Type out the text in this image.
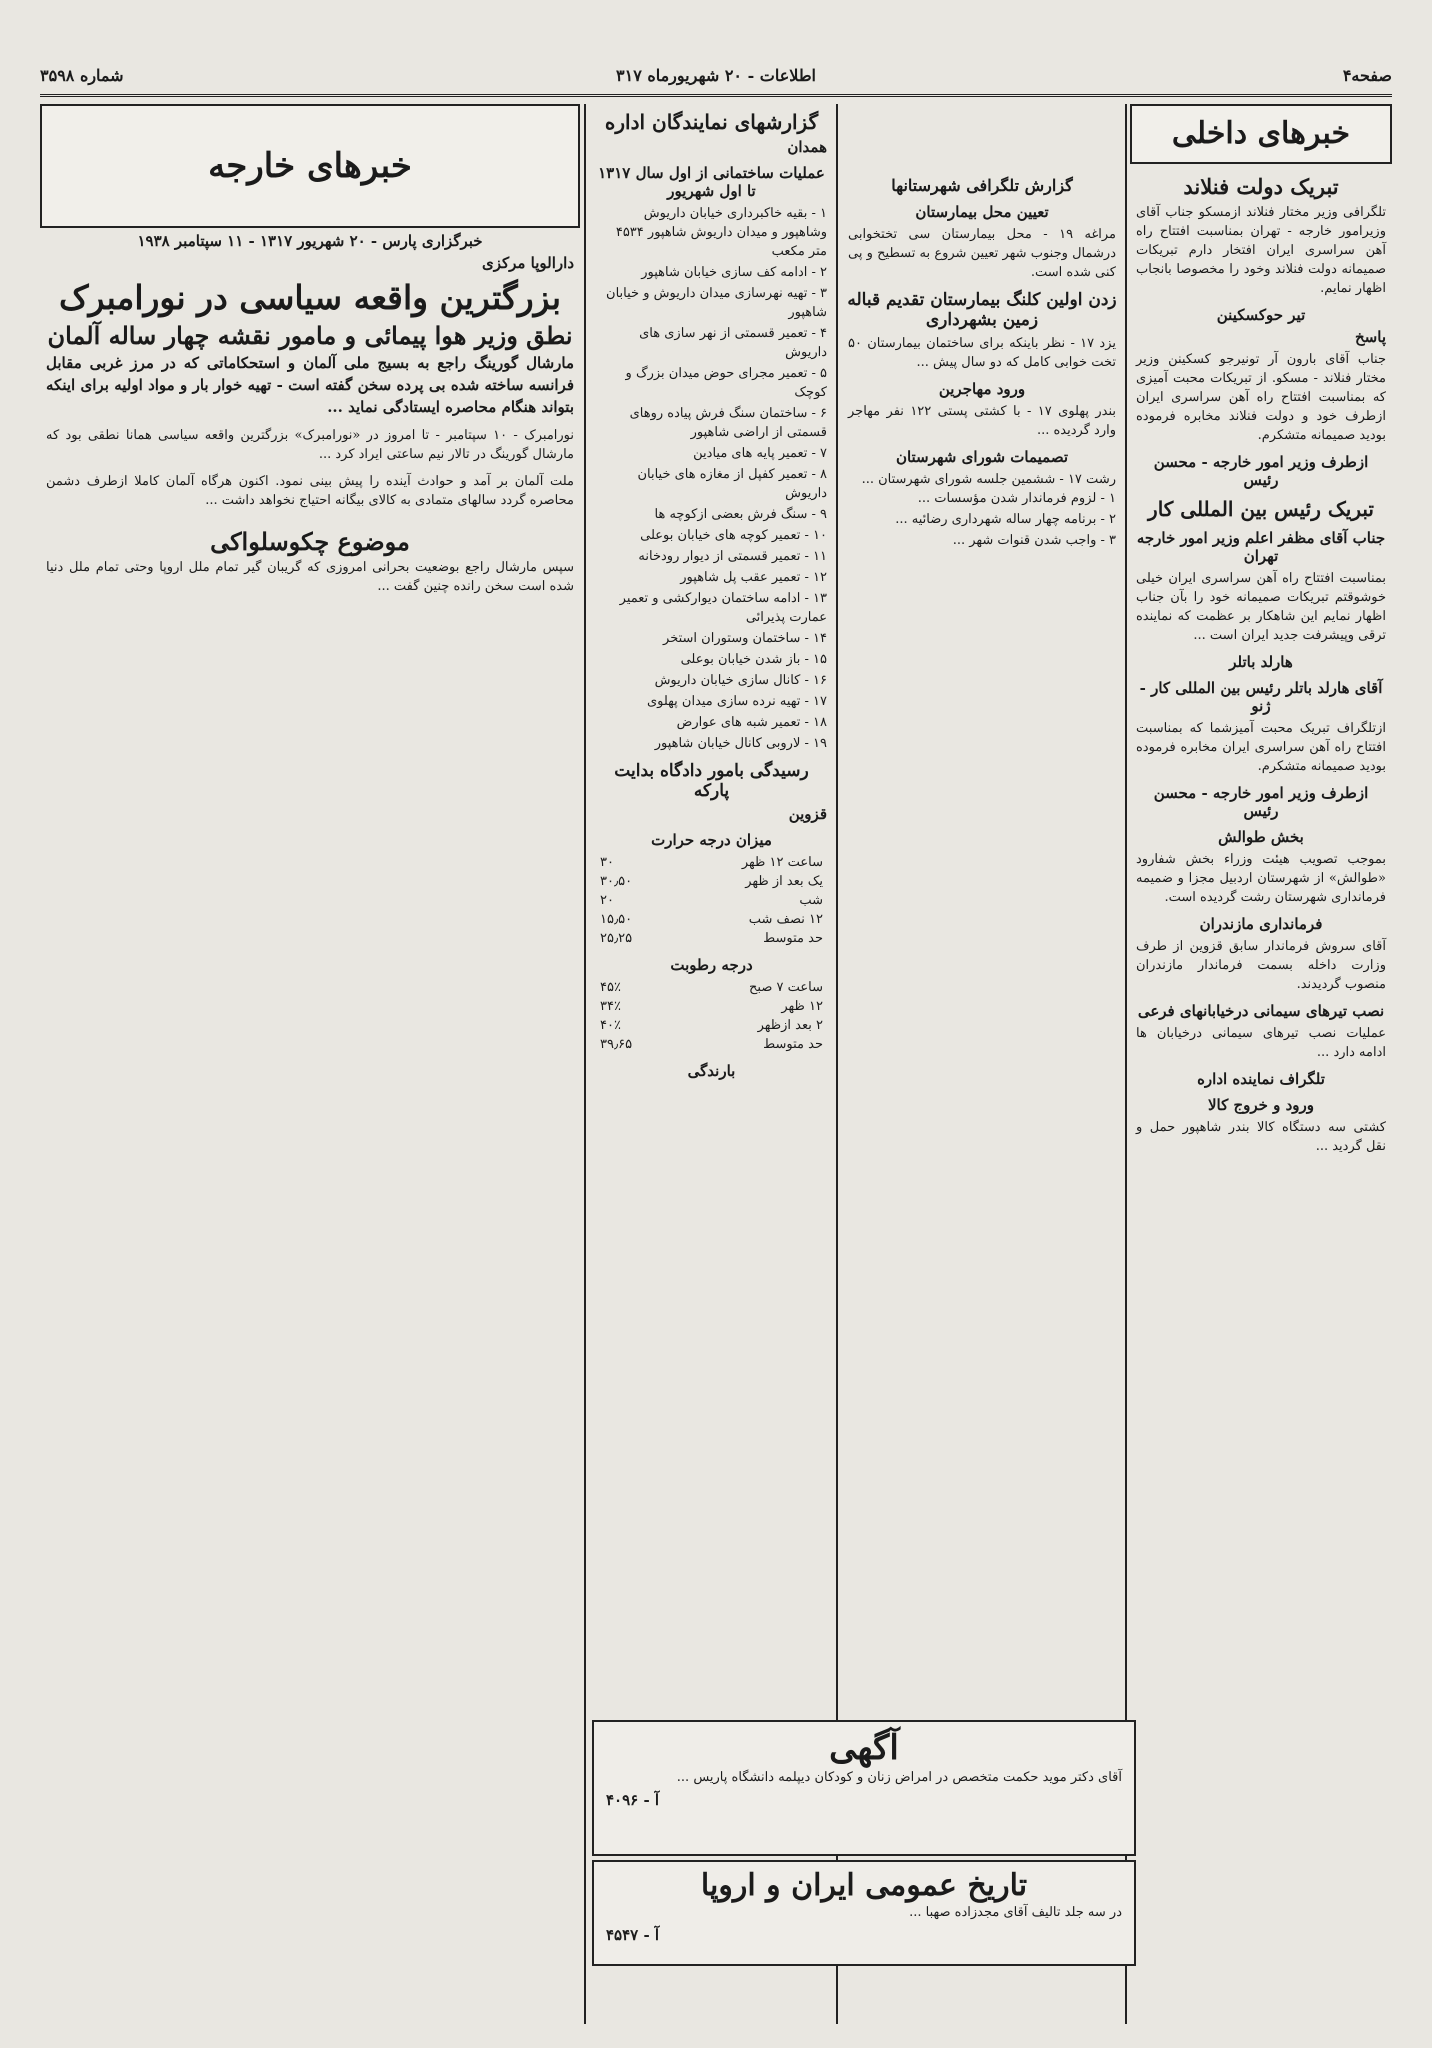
صفحه۴
اطلاعات - ۲۰ شهریورماه ۳۱۷
شماره ۳۵۹۸
خبرهای داخلی
تبریک دولت فنلاند
تلگرافی وزیر مختار فنلاند ازمسکو جناب آقای وزیرامور خارجه - تهران بمناسبت افتتاح راه آهن سراسری ایران افتخار دارم تبریکات صمیمانه دولت فنلاند وخود را مخصوصا بانجاب اظهار نمایم.
تیر حوکسکینن
پاسخ
جناب آقای بارون آر تونیرجو کسکینن وزیر مختار فنلاند - مسکو. از تبریکات محبت آمیزی که بمناسبت افتتاح راه آهن سراسری ایران ازطرف خود و دولت فنلاند مخابره فرموده بودید صمیمانه متشکرم.
ازطرف وزیر امور خارجه - محسن رئیس
تبریک رئیس بین المللی کار
جناب آقای مظفر اعلم وزیر امور خارجه تهران
بمناسبت افتتاح راه آهن سراسری ایران خیلی خوشوقتم تبریکات صمیمانه خود را بآن جناب اظهار نمایم این شاهکار بر عظمت که نماینده ترقی وپیشرفت جدید ایران است ...
هارلد باتلر
آقای هارلد باتلر رئیس بین المللی کار - ژنو
ازتلگراف تبریک محبت آمیزشما که بمناسبت افتتاح راه آهن سراسری ایران مخابره فرموده بودید صمیمانه متشکرم.
ازطرف وزیر امور خارجه - محسن رئیس
بخش طوالش
بموجب تصویب هیئت وزراء بخش شفارود «طوالش» از شهرستان اردبیل مجزا و ضمیمه فرمانداری شهرستان رشت گردیده است.
فرمانداری مازندران
آقای سروش فرماندار سابق قزوین از طرف وزارت داخله بسمت فرماندار مازندران منصوب گردیدند.
نصب تیرهای سیمانی درخیابانهای فرعی
عملیات نصب تیرهای سیمانی درخیابان ها ادامه دارد ...
تلگراف نماینده اداره
ورود و خروج کالا
کشتی سه دستگاه کالا بندر شاهپور حمل و نقل گردید ...
گزارش تلگرافی شهرستانها
تعیین محل بیمارستان
مراغه ۱۹ - محل بیمارستان سی تختخوابی درشمال وجنوب شهر تعیین شروع به تسطیح و پی کنی شده است.
زدن اولین کلنگ بیمارستان تقدیم قباله زمین بشهرداری
یزد ۱۷ - نظر باینکه برای ساختمان بیمارستان ۵۰ تخت خوابی کامل که دو سال پیش ...
ورود مهاجرین
بندر پهلوی ۱۷ - با کشتی پستی ۱۲۲ نفر مهاجر وارد گردیده ...
تصمیمات شورای شهرستان
رشت ۱۷ - ششمین جلسه شورای شهرستان ...
۱ - لزوم فرماندار شدن مؤسسات ...
۲ - برنامه چهار ساله شهرداری رضائیه ...
۳ - واجب شدن قنوات شهر ...
گزارشهای نمایندگان اداره
همدان
عملیات ساختمانی از اول سال ۱۳۱۷ تا اول شهریور
۱ - بقیه خاکبرداری خیابان داریوش وشاهپور و میدان داریوش شاهپور ۴۵۳۴ متر مکعب
۲ - ادامه کف سازی خیابان شاهپور
۳ - تهیه نهرسازی میدان داریوش و خیابان شاهپور
۴ - تعمیر قسمتی از نهر سازی های داریوش
۵ - تعمیر مجرای حوض میدان بزرگ و کوچک
۶ - ساختمان سنگ فرش پیاده روهای قسمتی از اراضی شاهپور
۷ - تعمیر پایه های میادین
۸ - تعمیر کفپل از مغازه های خیابان داریوش
۹ - سنگ فرش بعضی ازکوچه ها
۱۰ - تعمیر کوچه های خیابان بوعلی
۱۱ - تعمیر قسمتی از دیوار رودخانه
۱۲ - تعمیر عقب پل شاهپور
۱۳ - ادامه ساختمان دیوارکشی و تعمیر عمارت پذیرائی
۱۴ - ساختمان وستوران استخر
۱۵ - باز شدن خیابان بوعلی
۱۶ - کانال سازی خیابان داریوش
۱۷ - تهیه نرده سازی میدان پهلوی
۱۸ - تعمیر شبه های عوارض
۱۹ - لاروبی کانال خیابان شاهپور
رسیدگی بامور دادگاه بدایت پارکه
قزوین
میزان درجه حرارت
ساعت ۱۲ ظهر
۳۰
یک بعد از ظهر
۳۰٫۵۰
شب
۲۰
۱۲ نصف شب
۱۵٫۵۰
حد متوسط
۲۵٫۲۵
درجه رطوبت
ساعت ۷ صبح
۴۵٪
۱۲ ظهر
۳۴٪
۲ بعد ازظهر
۴۰٪
حد متوسط
۳۹٫۶۵
بارندگی
آگهی
آقای دکتر موید حکمت متخصص در امراض زنان و کودکان دیپلمه دانشگاه پاریس ...
آ - ۴۰۹۶
تاریخ عمومی ایران و اروپا
در سه جلد تالیف آقای مجدزاده صهبا ...
آ - ۴۵۴۷
خبرهای خارجه
خبرگزاری پارس - ۲۰ شهریور ۱۳۱۷ - ۱۱ سپتامبر ۱۹۳۸
دارالوپا مرکزی
بزرگترین واقعه سیاسی در نورامبرک
نطق وزیر هوا پیمائی و مامور نقشه چهار ساله آلمان
مارشال گورینگ راجع به بسیج ملی آلمان و استحکاماتی که در مرز غربی مقابل فرانسه ساخته شده بی پرده سخن گفته است - تهیه خوار بار و مواد اولیه برای اینکه بتواند هنگام محاصره ایستادگی نماید ...
نورامبرک - ۱۰ سپتامبر - تا امروز در «نورامبرک» بزرگترین واقعه سیاسی همانا نطقی بود که مارشال گورینگ در تالار نیم ساعتی ایراد کرد ...
ملت آلمان بر آمد و حوادث آینده را پیش بینی نمود. اکنون هرگاه آلمان کاملا ازطرف دشمن محاصره گردد سالهای متمادی به کالای بیگانه احتیاج نخواهد داشت ...
موضوع چکوسلواکی
سپس مارشال راجع بوضعیت بحرانی امروزی که گریبان گیر تمام ملل اروپا وحتی تمام ملل دنیا شده است سخن رانده چنین گفت ...
